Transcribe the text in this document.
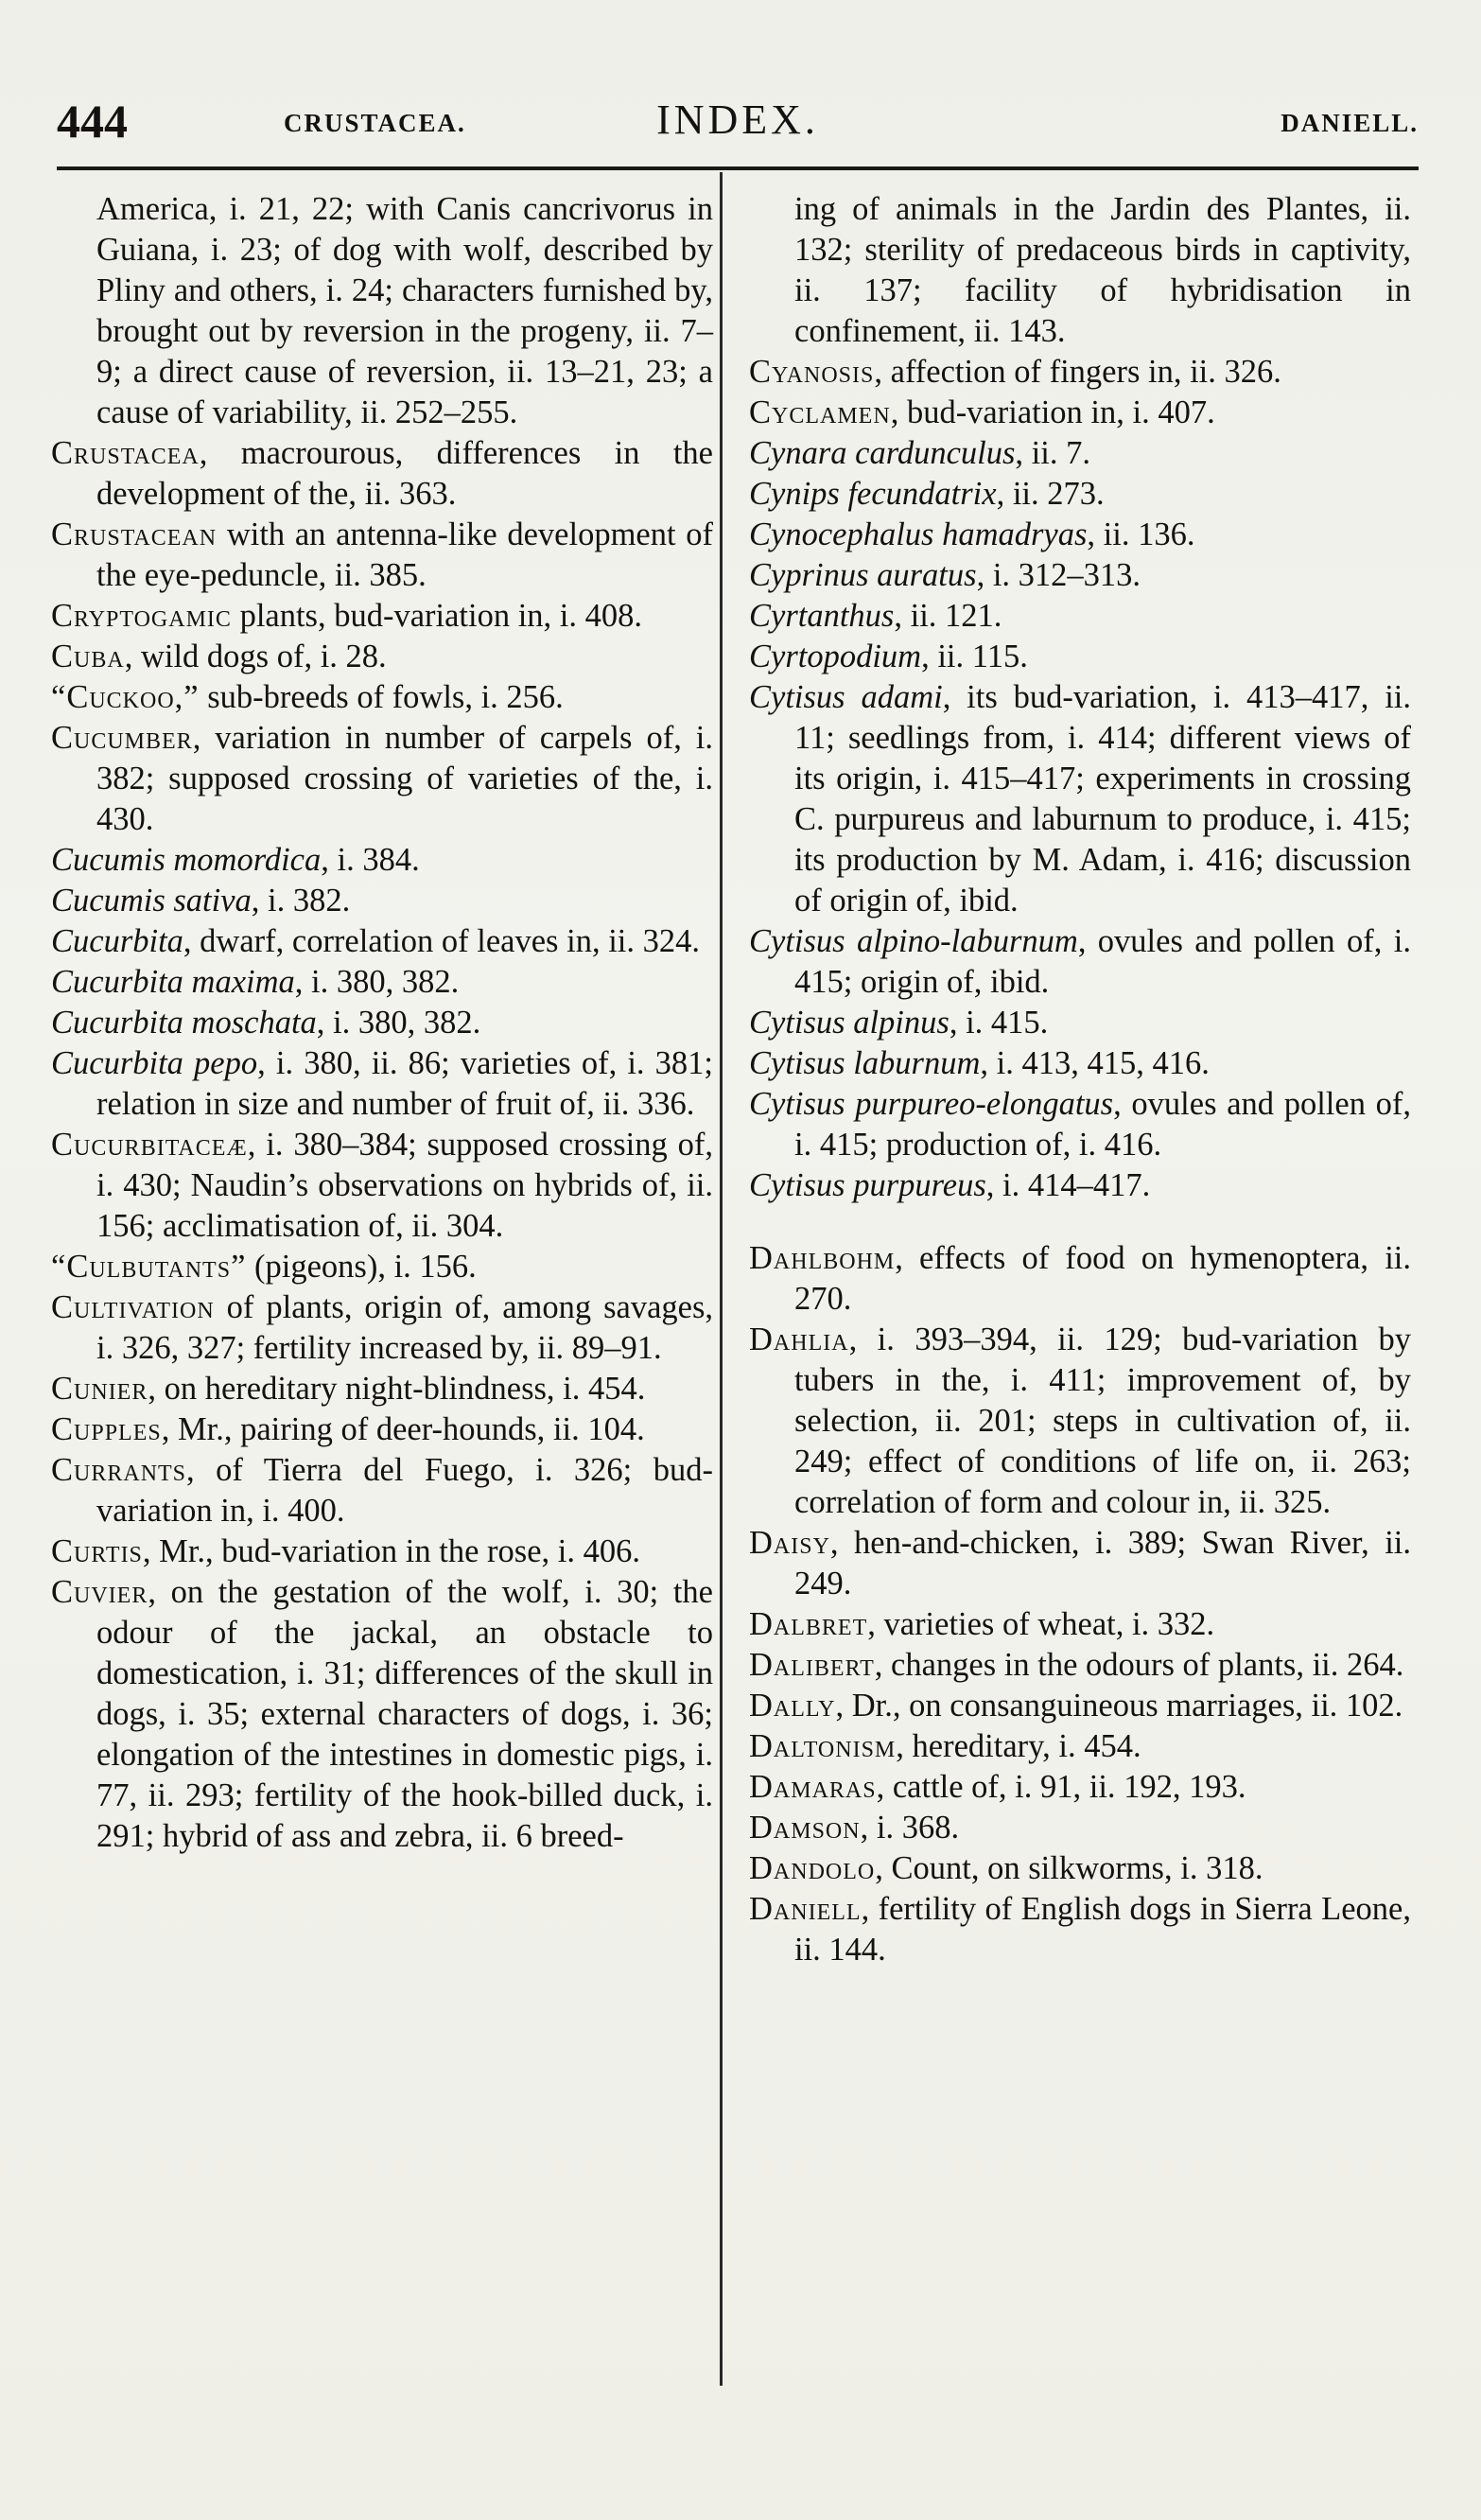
444	CRUSTACEA.	INDEX.	DANIELL.

America, i. 21, 22; with Canis cancrivorus in Guiana, i. 23; of dog with wolf, described by Pliny and others, i. 24; characters furnished by, brought out by reversion in the progeny, ii. 7–9; a direct cause of reversion, ii. 13–21, 23; a cause of variability, ii. 252–255.

Crustacea, macrourous, differences in the development of the, ii. 363.

Crustacean with an antenna-like development of the eye-peduncle, ii. 385.

Cryptogamic plants, bud-variation in, i. 408.

Cuba, wild dogs of, i. 28.

“Cuckoo,” sub-breeds of fowls, i. 256.

Cucumber, variation in number of carpels of, i. 382; supposed crossing of varieties of the, i. 430.

Cucumis momordica, i. 384.

Cucumis sativa, i. 382.

Cucurbita, dwarf, correlation of leaves in, ii. 324.

Cucurbita maxima, i. 380, 382.

Cucurbita moschata, i. 380, 382.

Cucurbita pepo, i. 380, ii. 86; varieties of, i. 381; relation in size and number of fruit of, ii. 336.

Cucurbitaceæ, i. 380–384; supposed crossing of, i. 430; Naudin’s observations on hybrids of, ii. 156; acclimatisation of, ii. 304.

“Culbutants” (pigeons), i. 156.

Cultivation of plants, origin of, among savages, i. 326, 327; fertility increased by, ii. 89–91.

Cunier, on hereditary night-blindness, i. 454.

Cupples, Mr., pairing of deer-hounds, ii. 104.

Currants, of Tierra del Fuego, i. 326; bud-variation in, i. 400.

Curtis, Mr., bud-variation in the rose, i. 406.

Cuvier, on the gestation of the wolf, i. 30; the odour of the jackal, an obstacle to domestication, i. 31; differences of the skull in dogs, i. 35; external characters of dogs, i. 36; elongation of the intestines in domestic pigs, i. 77, ii. 293; fertility of the hook-billed duck, i. 291; hybrid of ass and zebra, ii. 6 breed-

ing of animals in the Jardin des Plantes, ii. 132; sterility of predaceous birds in captivity, ii. 137; facility of hybridisation in confinement, ii. 143.

Cyanosis, affection of fingers in, ii. 326.

Cyclamen, bud-variation in, i. 407.

Cynara cardunculus, ii. 7.

Cynips fecundatrix, ii. 273.

Cynocephalus hamadryas, ii. 136.

Cyprinus auratus, i. 312–313.

Cyrtanthus, ii. 121.

Cyrtopodium, ii. 115.

Cytisus adami, its bud-variation, i. 413–417, ii. 11; seedlings from, i. 414; different views of its origin, i. 415–417; experiments in crossing C. purpureus and laburnum to produce, i. 415; its production by M. Adam, i. 416; discussion of origin of, ibid.

Cytisus alpino-laburnum, ovules and pollen of, i. 415; origin of, ibid.

Cytisus alpinus, i. 415.

Cytisus laburnum, i. 413, 415, 416.

Cytisus purpureo-elongatus, ovules and pollen of, i. 415; production of, i. 416.

Cytisus purpureus, i. 414–417.

Dahlbohm, effects of food on hymenoptera, ii. 270.

Dahlia, i. 393–394, ii. 129; bud-variation by tubers in the, i. 411; improvement of, by selection, ii. 201; steps in cultivation of, ii. 249; effect of conditions of life on, ii. 263; correlation of form and colour in, ii. 325.

Daisy, hen-and-chicken, i. 389; Swan River, ii. 249.

Dalbret, varieties of wheat, i. 332.

Dalibert, changes in the odours of plants, ii. 264.

Dally, Dr., on consanguineous marriages, ii. 102.

Daltonism, hereditary, i. 454.

Damaras, cattle of, i. 91, ii. 192, 193.

Damson, i. 368.

Dandolo, Count, on silkworms, i. 318.

Daniell, fertility of English dogs in Sierra Leone, ii. 144.
